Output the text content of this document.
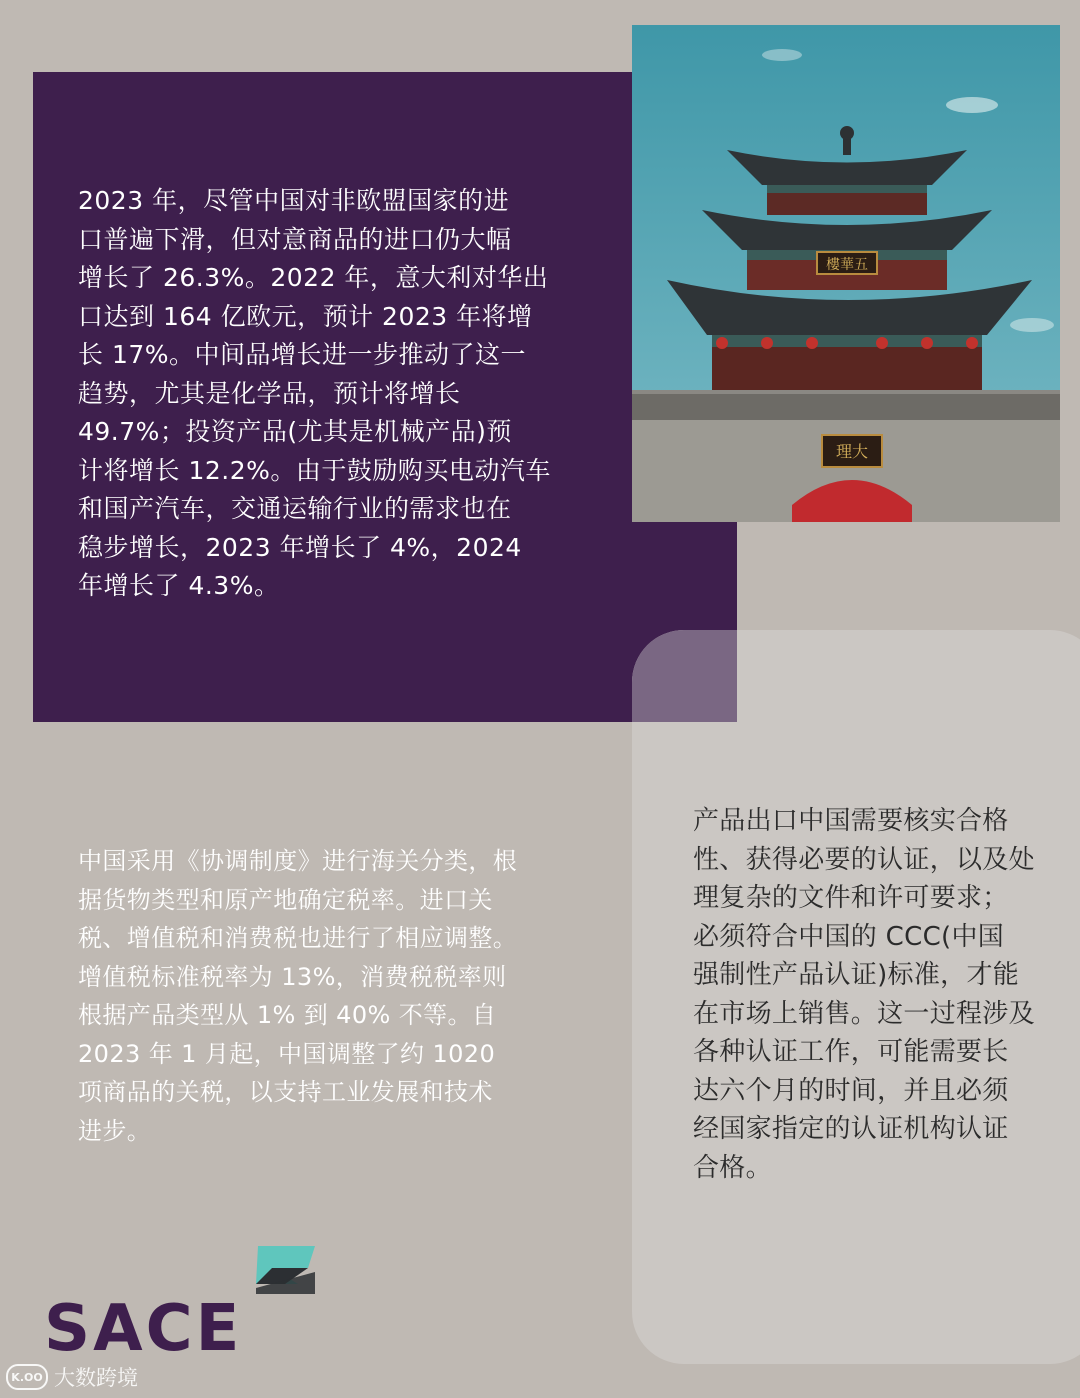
樓華五
理大

2023 年，尽管中国对非欧盟国家的进
口普遍下滑，但对意商品的进口仍大幅
增长了 26.3%。2022 年，意大利对华出
口达到 164 亿欧元，预计 2023 年将增
长 17%。中间品增长进一步推动了这一
趋势，尤其是化学品，预计将增长
49.7%；投资产品(尤其是机械产品)预
计将增长 12.2%。由于鼓励购买电动汽车
和国产汽车，交通运输行业的需求也在
稳步增长，2023 年增长了 4%，2024
年增长了 4.3%。

中国采用《协调制度》进行海关分类，根
据货物类型和原产地确定税率。进口关
税、增值税和消费税也进行了相应调整。
增值税标准税率为 13%，消费税税率则
根据产品类型从 1% 到 40% 不等。自
2023 年 1 月起，中国调整了约 1020
项商品的关税，以支持工业发展和技术
进步。

产品出口中国需要核实合格
性、获得必要的认证，以及处
理复杂的文件和许可要求；
必须符合中国的 CCC(中国
强制性产品认证)标准，才能
在市场上销售。这一过程涉及
各种认证工作，可能需要长
达六个月的时间，并且必须
经国家指定的认证机构认证
合格。

SACE
K.OO 大数跨境
